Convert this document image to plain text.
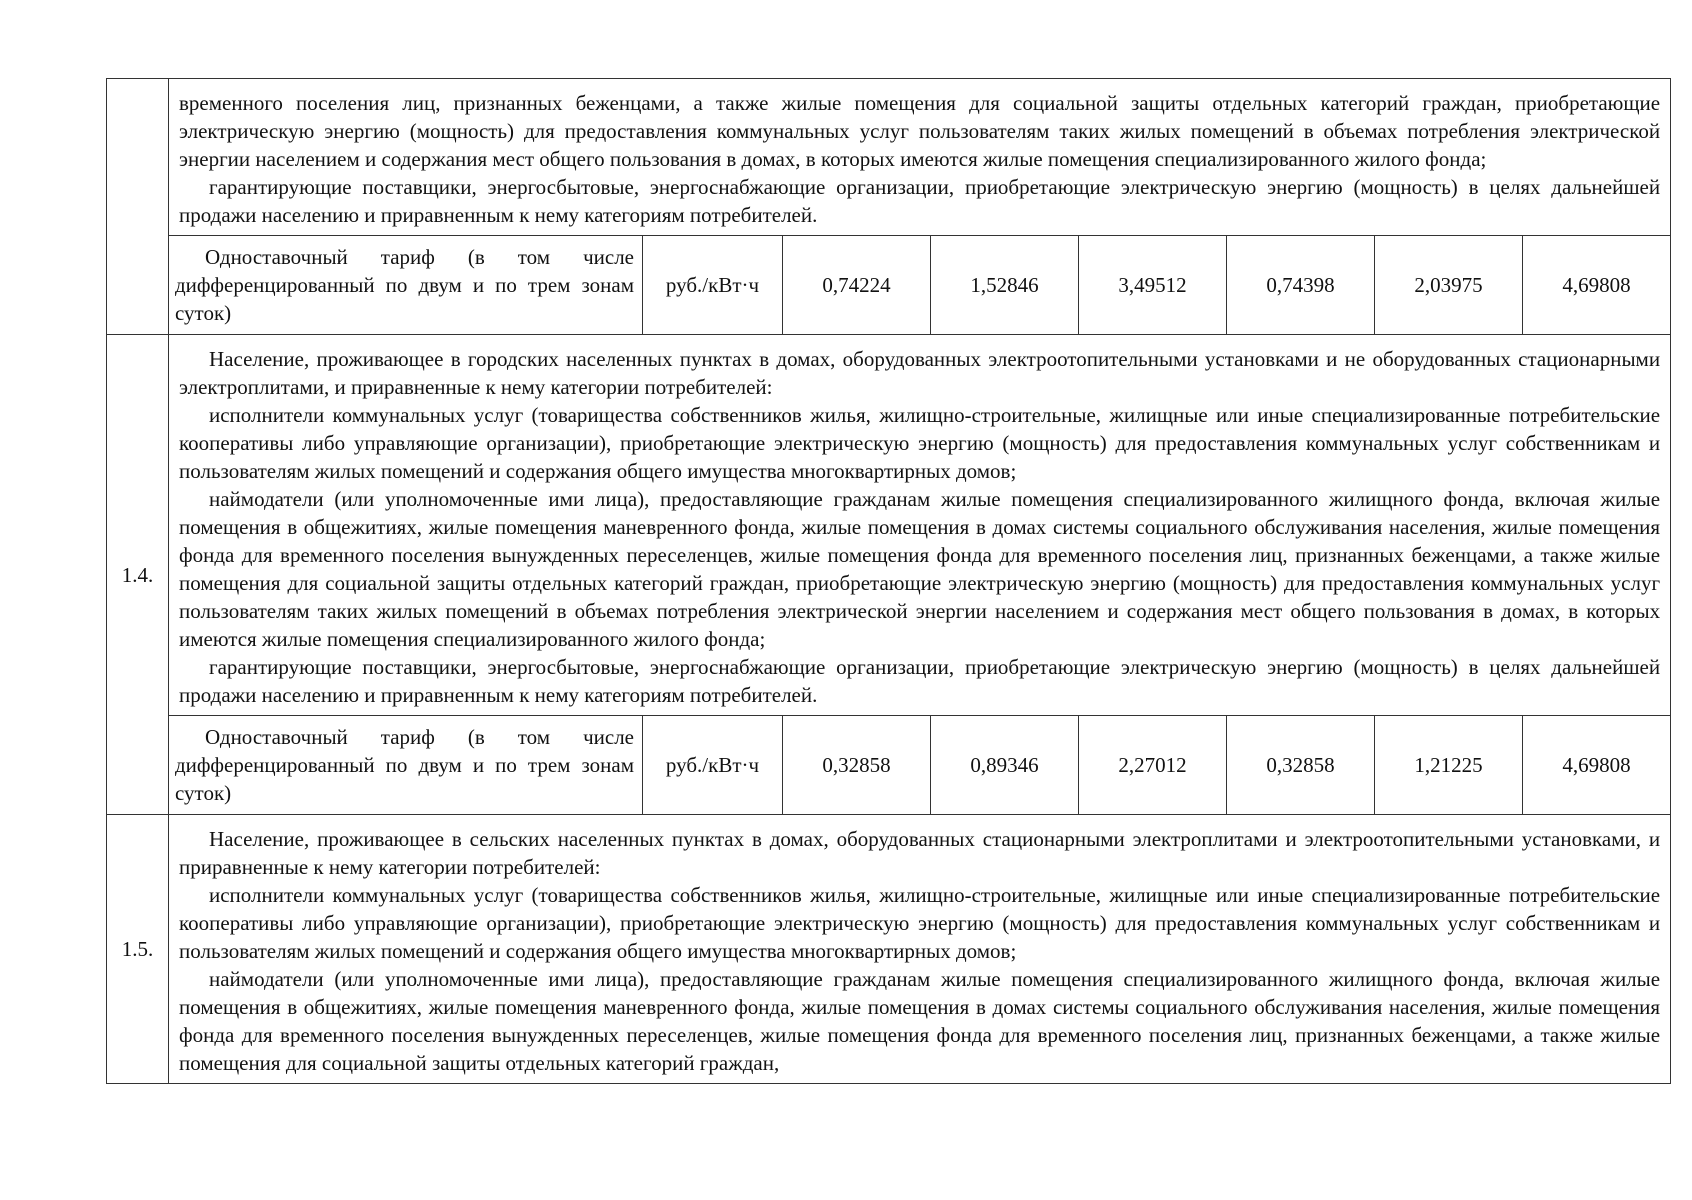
	временного поселения лиц, признанных беженцами, а также жилые помещения для социальной защиты отдельных категорий граждан, приобретающие электрическую энергию (мощность) для предоставления коммунальных услуг пользователям таких жилых помещений в объемах потребления электрической энергии населением и содержания мест общего пользования в домах, в которых имеются жилые помещения специализированного жилого фонда;

гарантирующие поставщики, энергосбытовые, энергоснабжающие организации, приобретающие электрическую энергию (мощность) в целях дальнейшей продажи населению и приравненным к нему категориям потребителей.							

	Одноставочный тариф (в том числе дифференцированный по двум и по трем зонам суток)	руб./кВт·ч	0,74224	1,52846	3,49512	0,74398	2,03975	4,69808
1.4.	Население, проживающее в городских населенных пунктах в домах, оборудованных электроотопительными установками и не оборудованных стационарными электроплитами, и приравненные к нему категории потребителей:

исполнители коммунальных услуг (товарищества собственников жилья, жилищно-строительные, жилищные или иные специализированные потребительские кооперативы либо управляющие организации), приобретающие электрическую энергию (мощность) для предоставления коммунальных услуг собственникам и пользователям жилых помещений и содержания общего имущества многоквартирных домов;

наймодатели (или уполномоченные ими лица), предоставляющие гражданам жилые помещения специализированного жилищного фонда, включая жилые помещения в общежитиях, жилые помещения маневренного фонда, жилые помещения в домах системы социального обслуживания населения, жилые помещения фонда для временного поселения вынужденных переселенцев, жилые помещения фонда для временного поселения лиц, признанных беженцами, а также жилые помещения для социальной защиты отдельных категорий граждан, приобретающие электрическую энергию (мощность) для предоставления коммунальных услуг пользователям таких жилых помещений в объемах потребления электрической энергии населением и содержания мест общего пользования в домах, в которых имеются жилые помещения специализированного жилого фонда;

гарантирующие поставщики, энергосбытовые, энергоснабжающие организации, приобретающие электрическую энергию (мощность) в целях дальнейшей продажи населению и приравненным к нему категориям потребителей.							

	Одноставочный тариф (в том числе дифференцированный по двум и по трем зонам суток)	руб./кВт·ч	0,32858	0,89346	2,27012	0,32858	1,21225	4,69808
1.5.	Население, проживающее в сельских населенных пунктах в домах, оборудованных стационарными электроплитами и электроотопительными установками, и приравненные к нему категории потребителей:

исполнители коммунальных услуг (товарищества собственников жилья, жилищно-строительные, жилищные или иные специализированные потребительские кооперативы либо управляющие организации), приобретающие электрическую энергию (мощность) для предоставления коммунальных услуг собственникам и пользователям жилых помещений и содержания общего имущества многоквартирных домов;

наймодатели (или уполномоченные ими лица), предоставляющие гражданам жилые помещения специализированного жилищного фонда, включая жилые помещения в общежитиях, жилые помещения маневренного фонда, жилые помещения в домах системы социального обслуживания населения, жилые помещения фонда для временного поселения вынужденных переселенцев, жилые помещения фонда для временного поселения лиц, признанных беженцами, а также жилые помещения для социальной защиты отдельных категорий граждан,							
